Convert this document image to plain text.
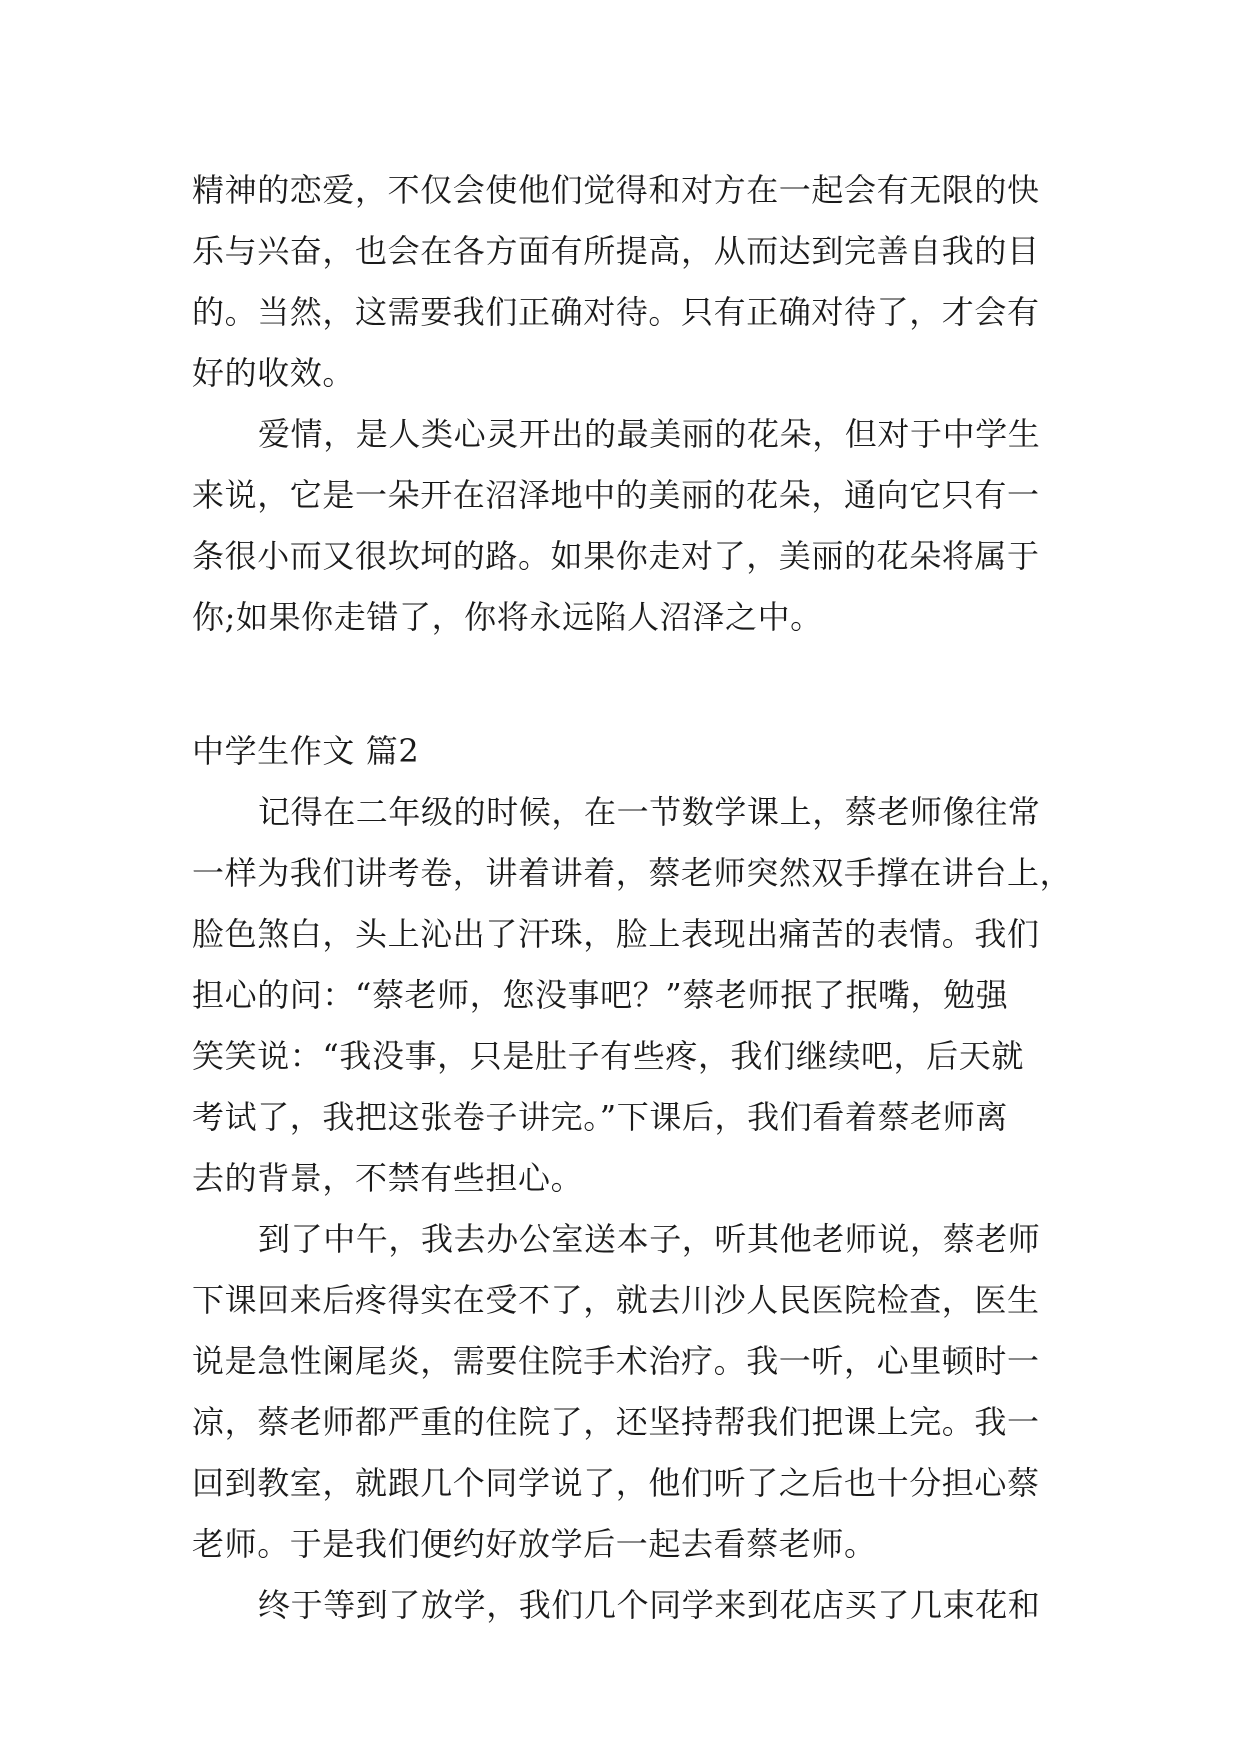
精神的恋爱，不仅会使他们觉得和对方在一起会有无限的快
乐与兴奋，也会在各方面有所提高，从而达到完善自我的目
的。当然，这需要我们正确对待。只有正确对待了，才会有
好的收效。
爱情，是人类心灵开出的最美丽的花朵，但对于中学生
来说，它是一朵开在沼泽地中的美丽的花朵，通向它只有一
条很小而又很坎坷的路。如果你走对了，美丽的花朵将属于
你;如果你走错了，你将永远陷人沼泽之中。
中学生作文 篇2
记得在二年级的时候，在一节数学课上，蔡老师像往常
一样为我们讲考卷，讲着讲着，蔡老师突然双手撑在讲台上，
脸色煞白，头上沁出了汗珠，脸上表现出痛苦的表情。我们
担心的问：“蔡老师，您没事吧？”蔡老师抿了抿嘴，勉强
笑笑说：“我没事，只是肚子有些疼，我们继续吧，后天就
考试了，我把这张卷子讲完。”下课后，我们看着蔡老师离
去的背景，不禁有些担心。
到了中午，我去办公室送本子，听其他老师说，蔡老师
下课回来后疼得实在受不了，就去川沙人民医院检查，医生
说是急性阑尾炎，需要住院手术治疗。我一听，心里顿时一
凉，蔡老师都严重的住院了，还坚持帮我们把课上完。我一
回到教室，就跟几个同学说了，他们听了之后也十分担心蔡
老师。于是我们便约好放学后一起去看蔡老师。
终于等到了放学，我们几个同学来到花店买了几束花和
